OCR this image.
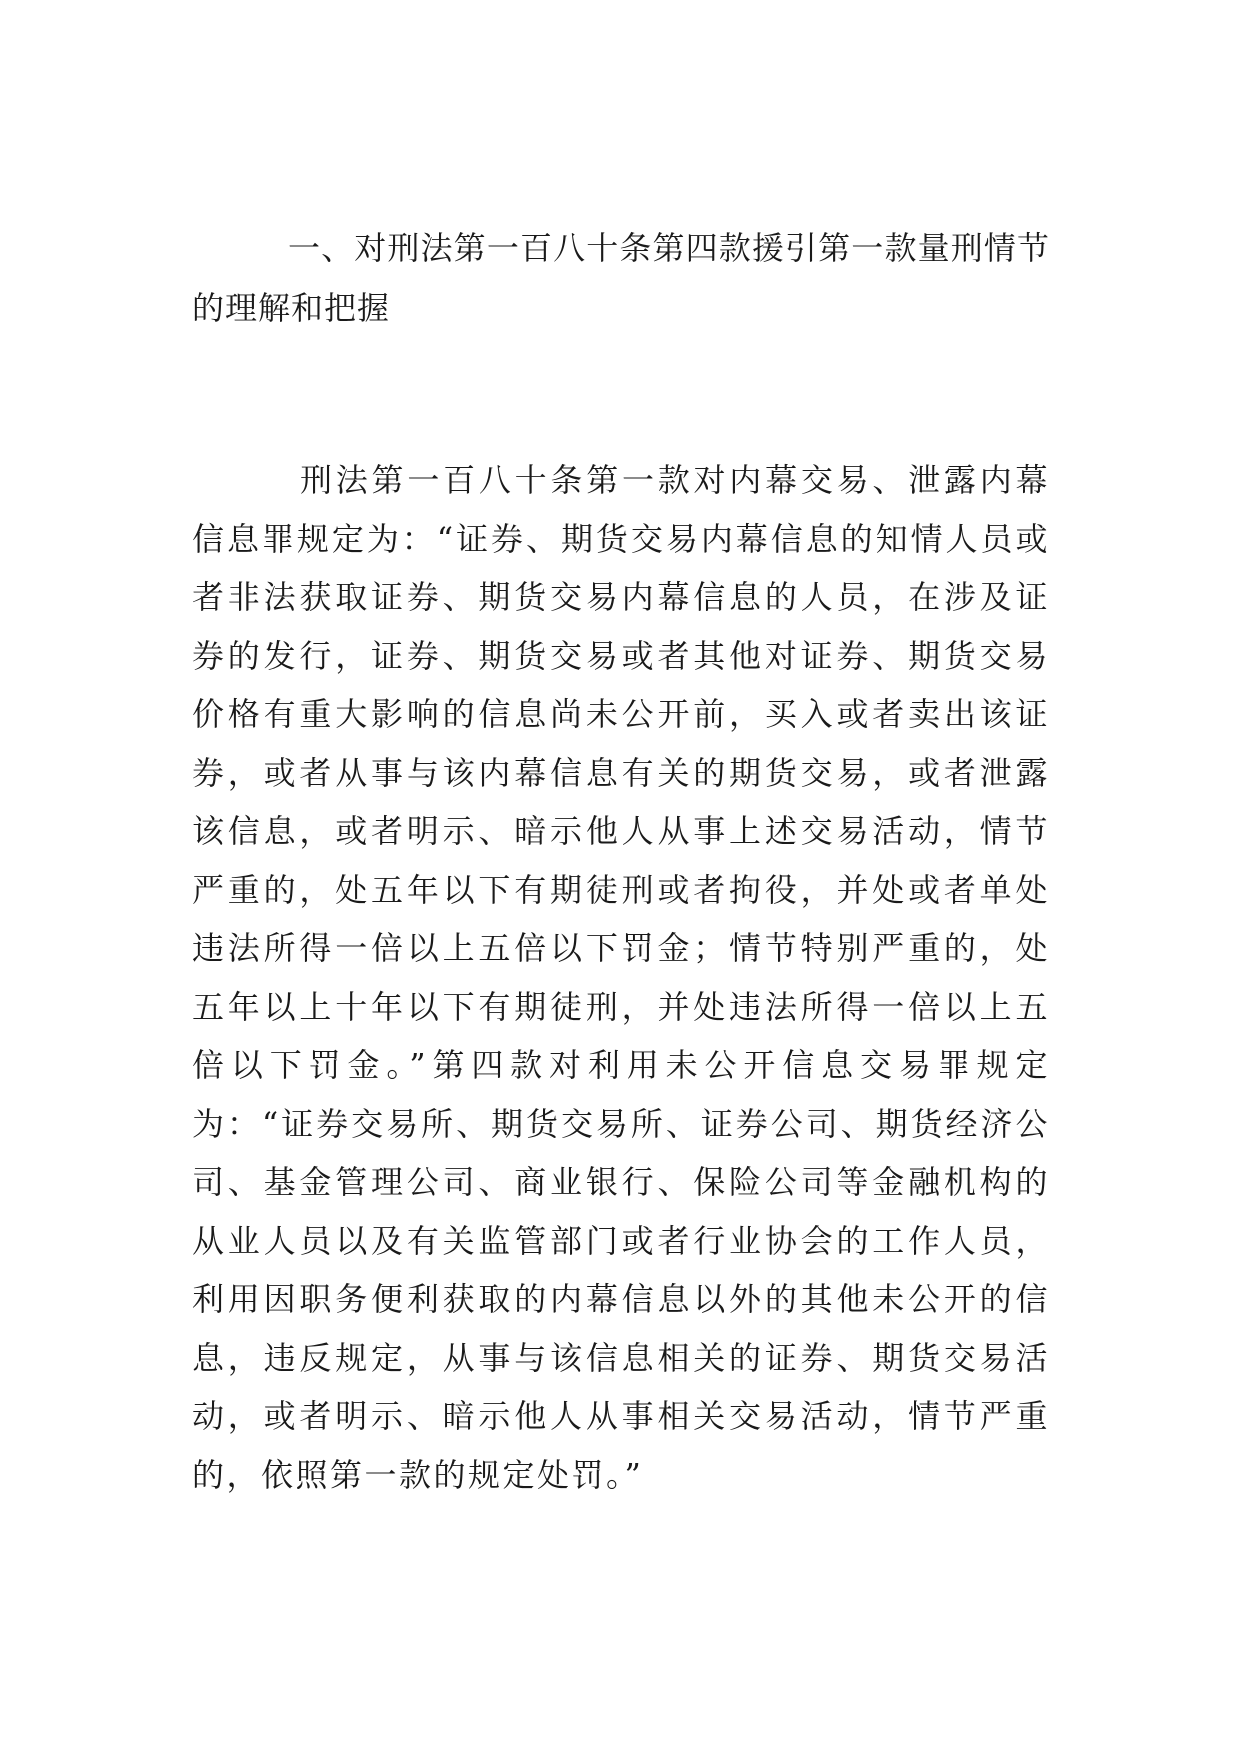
一、对刑法第一百八十条第四款援引第一款量刑情节的理解和把握

刑法第一百八十条第一款对内幕交易、泄露内幕信息罪规定为：“证券、期货交易内幕信息的知情人员或者非法获取证券、期货交易内幕信息的人员，在涉及证券的发行，证券、期货交易或者其他对证券、期货交易价格有重大影响的信息尚未公开前，买入或者卖出该证券，或者从事与该内幕信息有关的期货交易，或者泄露该信息，或者明示、暗示他人从事上述交易活动，情节严重的，处五年以下有期徒刑或者拘役，并处或者单处违法所得一倍以上五倍以下罚金；情节特别严重的，处五年以上十年以下有期徒刑，并处违法所得一倍以上五倍以下罚金。”第四款对利用未公开信息交易罪规定为：“证券交易所、期货交易所、证券公司、期货经济公司、基金管理公司、商业银行、保险公司等金融机构的从业人员以及有关监管部门或者行业协会的工作人员，利用因职务便利获取的内幕信息以外的其他未公开的信息，违反规定，从事与该信息相关的证券、期货交易活动，或者明示、暗示他人从事相关交易活动，情节严重的，依照第一款的规定处罚。”
